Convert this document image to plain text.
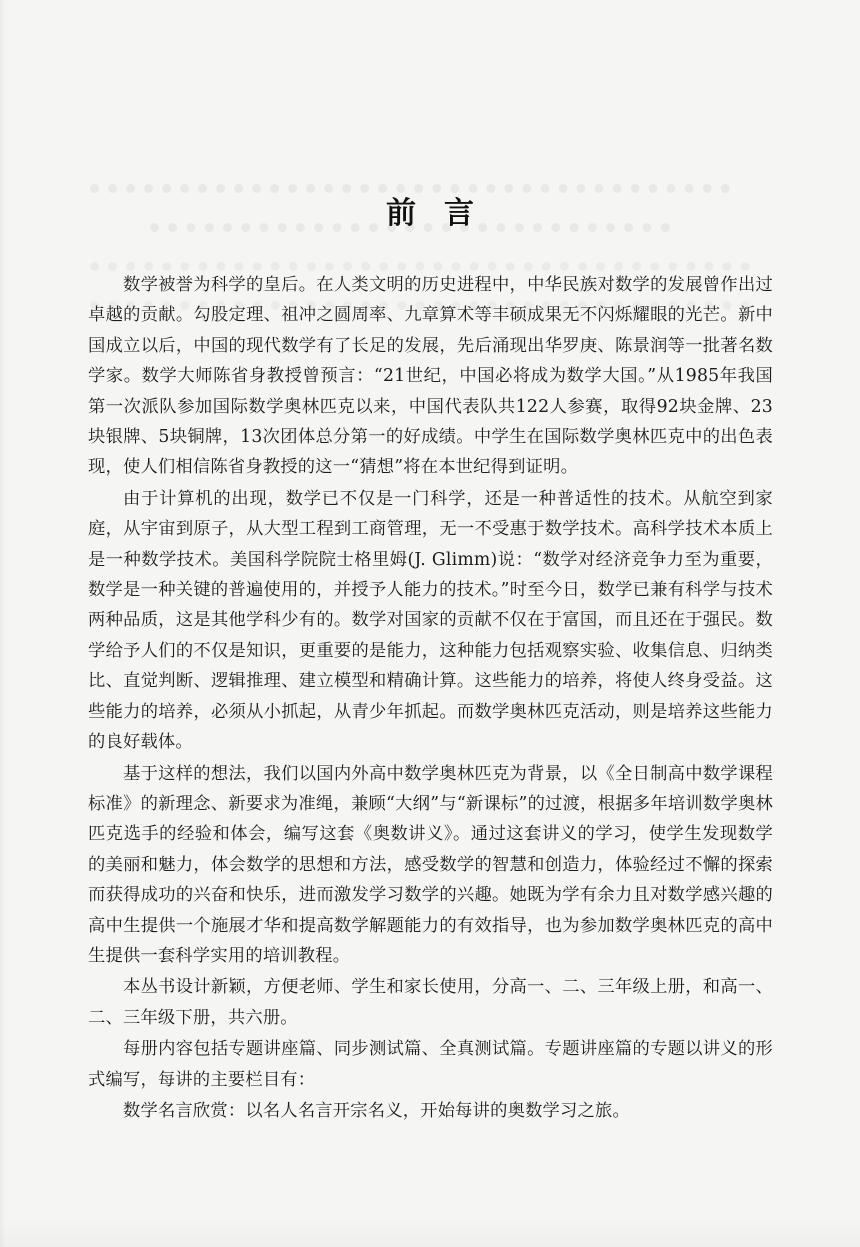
前言

数学被誉为科学的皇后。在人类文明的历史进程中，中华民族对数学的发展曾作出过卓越的贡献。勾股定理、祖冲之圆周率、九章算术等丰硕成果无不闪烁耀眼的光芒。新中国成立以后，中国的现代数学有了长足的发展，先后涌现出华罗庚、陈景润等一批著名数学家。数学大师陈省身教授曾预言：“21世纪，中国必将成为数学大国。”从1985年我国第一次派队参加国际数学奥林匹克以来，中国代表队共122人参赛，取得92块金牌、23块银牌、5块铜牌，13次团体总分第一的好成绩。中学生在国际数学奥林匹克中的出色表现，使人们相信陈省身教授的这一“猜想”将在本世纪得到证明。

由于计算机的出现，数学已不仅是一门科学，还是一种普适性的技术。从航空到家庭，从宇宙到原子，从大型工程到工商管理，无一不受惠于数学技术。高科学技术本质上是一种数学技术。美国科学院院士格里姆(J. Glimm)说：“数学对经济竞争力至为重要，数学是一种关键的普遍使用的，并授予人能力的技术。”时至今日，数学已兼有科学与技术两种品质，这是其他学科少有的。数学对国家的贡献不仅在于富国，而且还在于强民。数学给予人们的不仅是知识，更重要的是能力，这种能力包括观察实验、收集信息、归纳类比、直觉判断、逻辑推理、建立模型和精确计算。这些能力的培养，将使人终身受益。这些能力的培养，必须从小抓起，从青少年抓起。而数学奥林匹克活动，则是培养这些能力的良好载体。

基于这样的想法，我们以国内外高中数学奥林匹克为背景，以《全日制高中数学课程标准》的新理念、新要求为准绳，兼顾“大纲”与“新课标”的过渡，根据多年培训数学奥林匹克选手的经验和体会，编写这套《奥数讲义》。通过这套讲义的学习，使学生发现数学的美丽和魅力，体会数学的思想和方法，感受数学的智慧和创造力，体验经过不懈的探索而获得成功的兴奋和快乐，进而激发学习数学的兴趣。她既为学有余力且对数学感兴趣的高中生提供一个施展才华和提高数学解题能力的有效指导，也为参加数学奥林匹克的高中生提供一套科学实用的培训教程。

本丛书设计新颖，方便老师、学生和家长使用，分高一、二、三年级上册，和高一、二、三年级下册，共六册。

每册内容包括专题讲座篇、同步测试篇、全真测试篇。专题讲座篇的专题以讲义的形式编写，每讲的主要栏目有：

数学名言欣赏：以名人名言开宗名义，开始每讲的奥数学习之旅。
